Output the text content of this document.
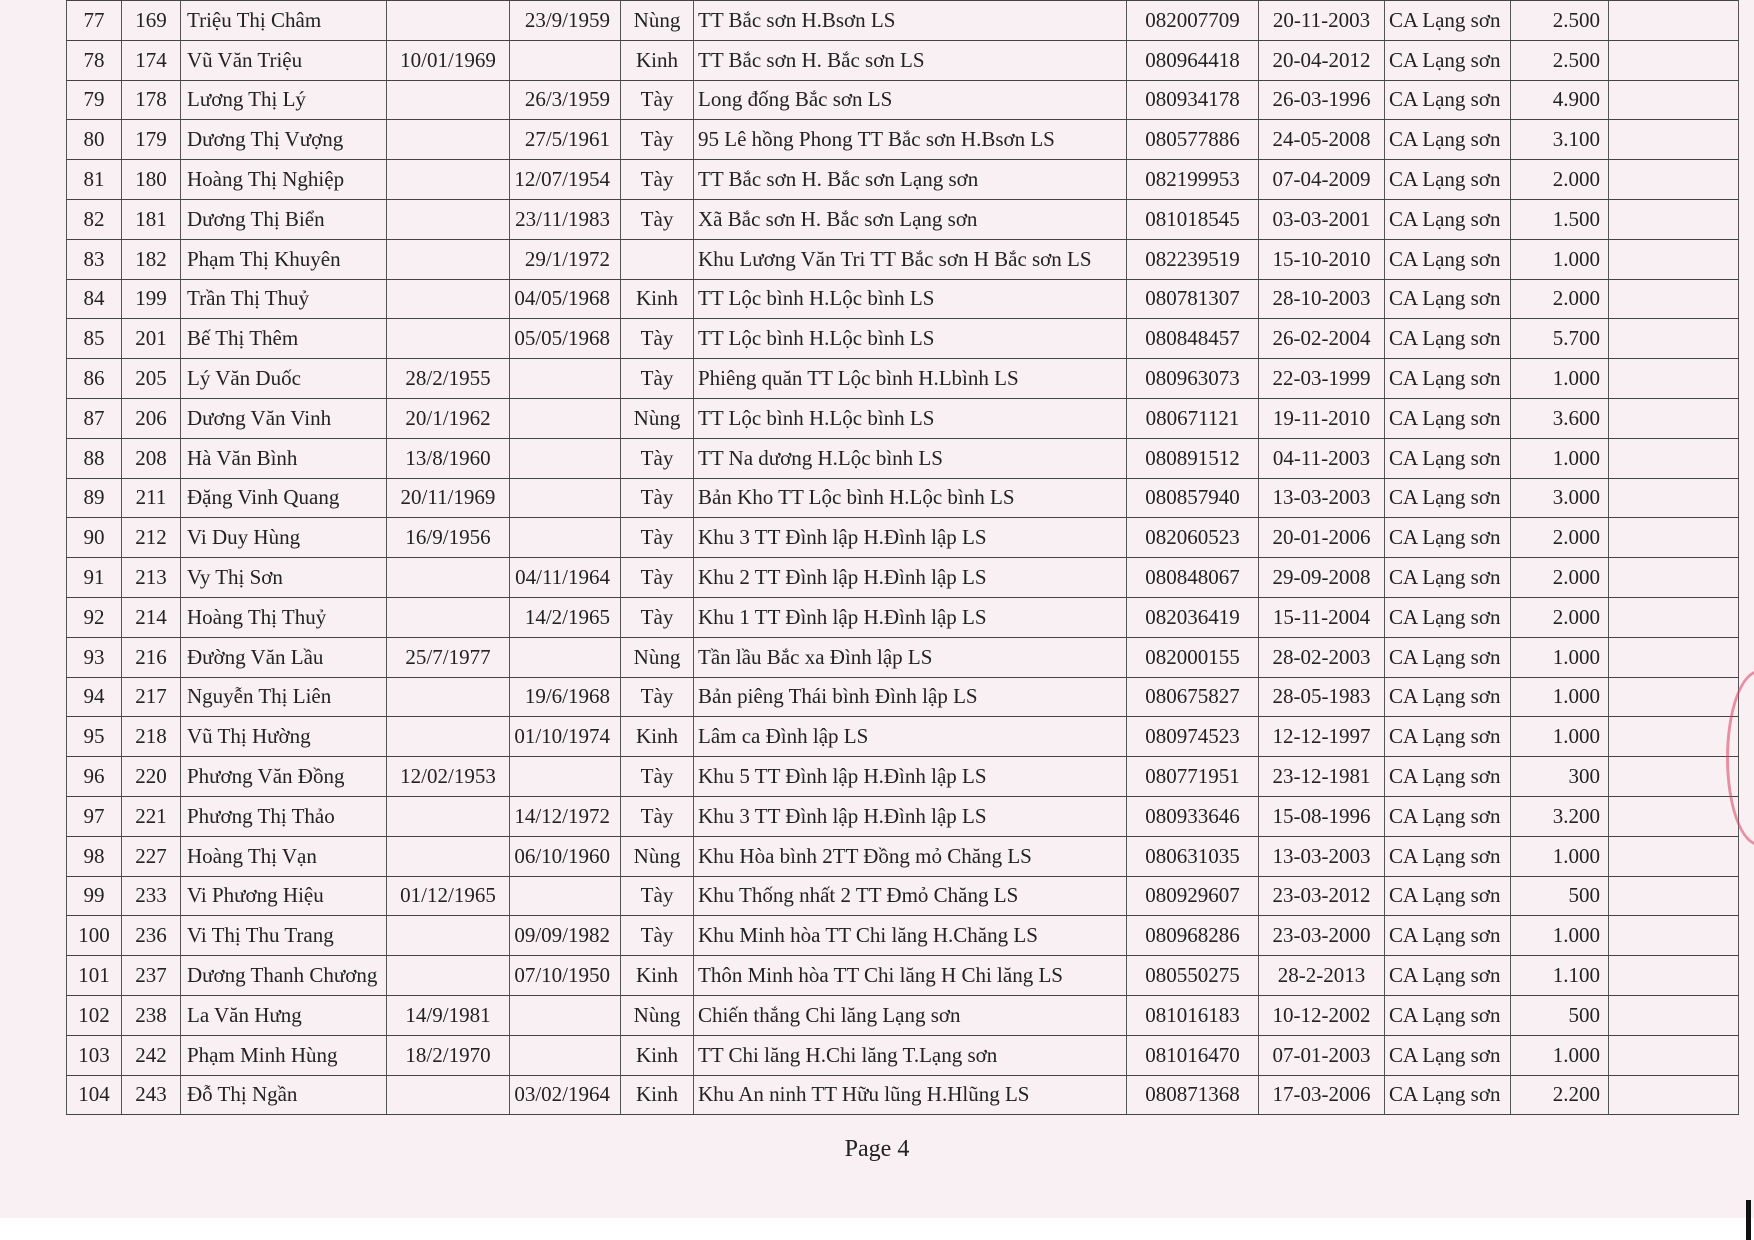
77	169	Triệu Thị Châm		23/9/1959	Nùng	TT Bắc sơn H.Bsơn LS	082007709	20-11-2003	CA Lạng sơn	2.500	
78	174	Vũ Văn Triệu	10/01/1969		Kinh	TT Bắc sơn H. Bắc sơn LS	080964418	20-04-2012	CA Lạng sơn	2.500	
79	178	Lương Thị Lý		26/3/1959	Tày	Long đống Bắc sơn LS	080934178	26-03-1996	CA Lạng sơn	4.900	
80	179	Dương Thị Vượng		27/5/1961	Tày	95 Lê hồng Phong TT Bắc sơn H.Bsơn LS	080577886	24-05-2008	CA Lạng sơn	3.100	
81	180	Hoàng Thị Nghiệp		12/07/1954	Tày	TT Bắc sơn H. Bắc sơn Lạng sơn	082199953	07-04-2009	CA Lạng sơn	2.000	
82	181	Dương Thị Biển		23/11/1983	Tày	Xã Bắc sơn H. Bắc sơn Lạng sơn	081018545	03-03-2001	CA Lạng sơn	1.500	
83	182	Phạm Thị Khuyên		29/1/1972		Khu Lương Văn Tri TT Bắc sơn H Bắc sơn LS	082239519	15-10-2010	CA Lạng sơn	1.000	
84	199	Trần Thị Thuỷ		04/05/1968	Kinh	TT Lộc bình H.Lộc bình LS	080781307	28-10-2003	CA Lạng sơn	2.000	
85	201	Bế Thị Thêm		05/05/1968	Tày	TT Lộc bình H.Lộc bình LS	080848457	26-02-2004	CA Lạng sơn	5.700	
86	205	Lý Văn Duốc	28/2/1955		Tày	Phiêng quăn TT Lộc bình H.Lbình LS	080963073	22-03-1999	CA Lạng sơn	1.000	
87	206	Dương Văn Vinh	20/1/1962		Nùng	TT Lộc bình H.Lộc bình LS	080671121	19-11-2010	CA Lạng sơn	3.600	
88	208	Hà Văn Bình	13/8/1960		Tày	TT Na dương H.Lộc bình LS	080891512	04-11-2003	CA Lạng sơn	1.000	
89	211	Đặng Vinh Quang	20/11/1969		Tày	Bản Kho TT Lộc bình H.Lộc bình LS	080857940	13-03-2003	CA Lạng sơn	3.000	
90	212	Vi Duy Hùng	16/9/1956		Tày	Khu 3 TT Đình lập H.Đình lập LS	082060523	20-01-2006	CA Lạng sơn	2.000	
91	213	Vy Thị Sơn		04/11/1964	Tày	Khu 2 TT Đình lập H.Đình lập LS	080848067	29-09-2008	CA Lạng sơn	2.000	
92	214	Hoàng Thị Thuỷ		14/2/1965	Tày	Khu 1 TT Đình lập H.Đình lập LS	082036419	15-11-2004	CA Lạng sơn	2.000	
93	216	Đường Văn Lầu	25/7/1977		Nùng	Tần lầu Bắc xa Đình lập LS	082000155	28-02-2003	CA Lạng sơn	1.000	
94	217	Nguyễn Thị Liên		19/6/1968	Tày	Bản piêng Thái bình Đình lập LS	080675827	28-05-1983	CA Lạng sơn	1.000	
95	218	Vũ Thị Hường		01/10/1974	Kinh	Lâm ca Đình lập LS	080974523	12-12-1997	CA Lạng sơn	1.000	
96	220	Phương Văn Đồng	12/02/1953		Tày	Khu 5 TT Đình lập H.Đình lập LS	080771951	23-12-1981	CA Lạng sơn	300	
97	221	Phương Thị Thảo		14/12/1972	Tày	Khu 3 TT Đình lập H.Đình lập LS	080933646	15-08-1996	CA Lạng sơn	3.200	
98	227	Hoàng Thị Vạn		06/10/1960	Nùng	Khu Hòa bình 2TT Đồng mỏ Chăng LS	080631035	13-03-2003	CA Lạng sơn	1.000	
99	233	Vi Phương Hiệu	01/12/1965		Tày	Khu Thống nhất 2 TT Đmỏ Chăng LS	080929607	23-03-2012	CA Lạng sơn	500	
100	236	Vi Thị Thu Trang		09/09/1982	Tày	Khu Minh hòa TT Chi lăng H.Chăng LS	080968286	23-03-2000	CA Lạng sơn	1.000	
101	237	Dương Thanh Chương		07/10/1950	Kinh	Thôn Minh hòa TT Chi lăng H Chi lăng LS	080550275	28-2-2013	CA Lạng sơn	1.100	
102	238	La Văn Hưng	14/9/1981		Nùng	Chiến thắng Chi lăng Lạng sơn	081016183	10-12-2002	CA Lạng sơn	500	
103	242	Phạm Minh Hùng	18/2/1970		Kinh	TT Chi lăng H.Chi lăng T.Lạng sơn	081016470	07-01-2003	CA Lạng sơn	1.000	
104	243	Đỗ Thị Ngần		03/02/1964	Kinh	Khu An ninh TT Hữu lũng H.Hlũng LS	080871368	17-03-2006	CA Lạng sơn	2.200	
Page 4
